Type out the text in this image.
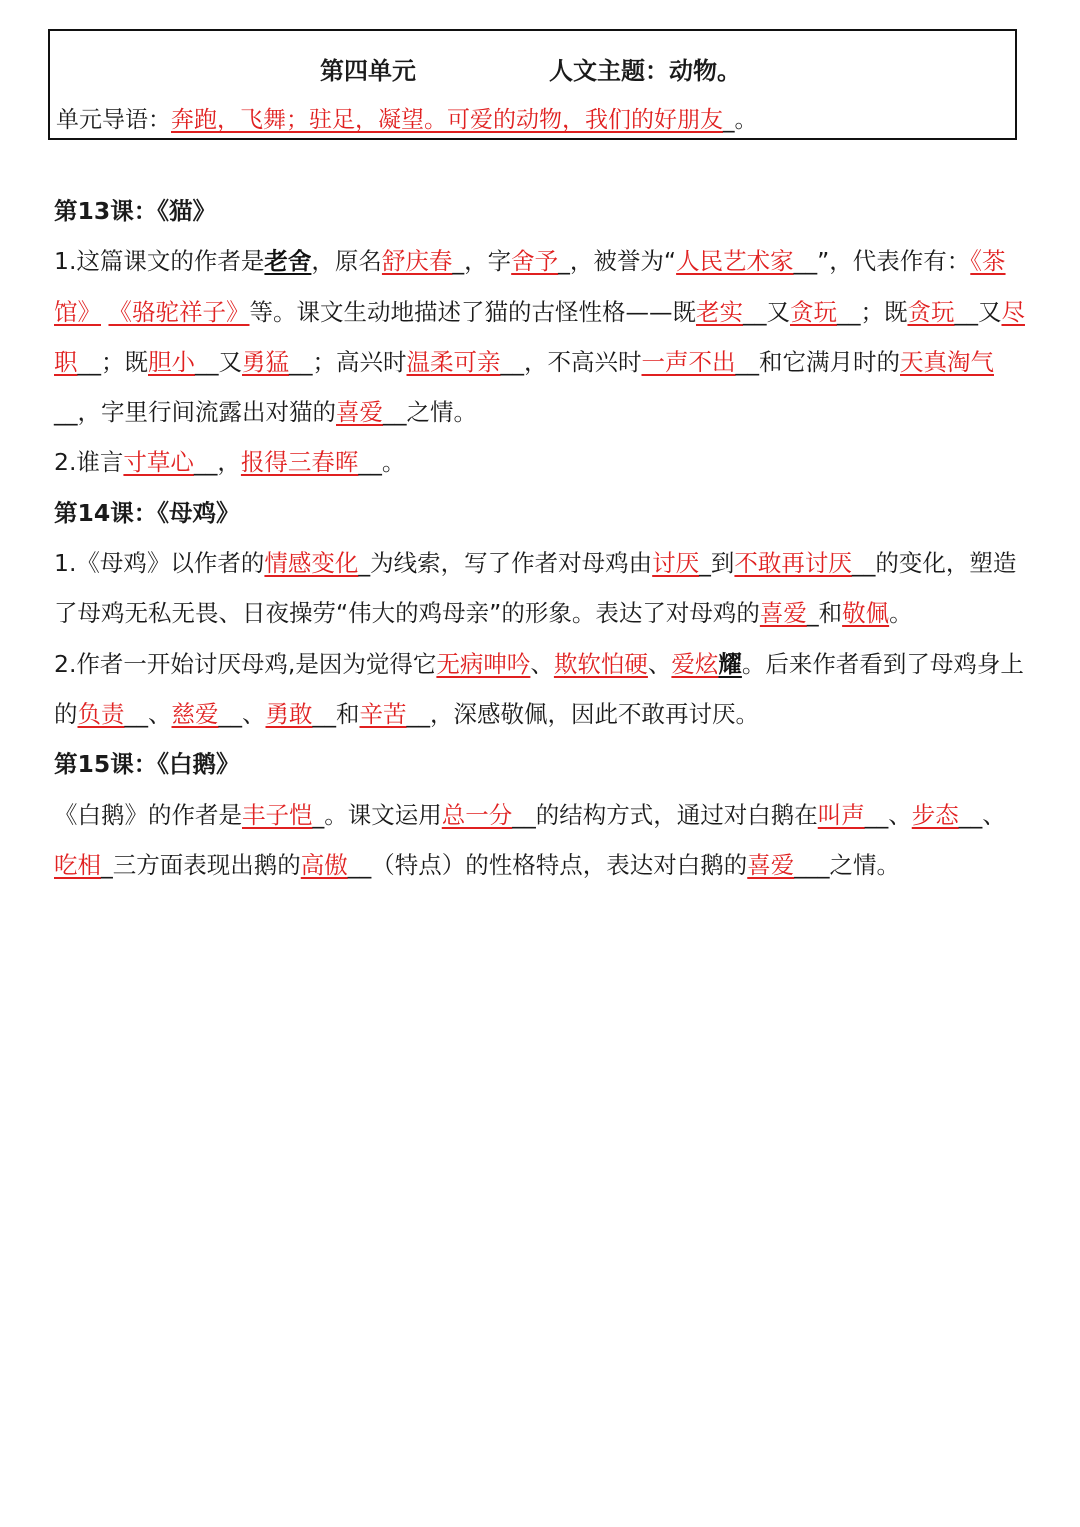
第四单元	人文主题：动物。
单元导语：奔跑，飞舞；驻足，凝望。可爱的动物，我们的好朋友_。

第13课：《猫》

1.这篇课文的作者是老舍，原名舒庆春_，字舍予_，被誉为“人民艺术家__”，代表作有：《茶馆》 《骆驼祥子》等。课文生动地描述了猫的古怪性格——既老实__又贪玩__；既贪玩__又尽职__；既胆小__又勇猛__；高兴时温柔可亲__，不高兴时一声不出__和它满月时的天真淘气__，字里行间流露出对猫的喜爱__之情。

2.谁言寸草心__，报得三春晖__。

第14课：《母鸡》

1.《母鸡》以作者的情感变化_为线索，写了作者对母鸡由讨厌_到不敢再讨厌__的变化，塑造了母鸡无私无畏、日夜操劳“伟大的鸡母亲”的形象。表达了对母鸡的喜爱_和敬佩。

2.作者一开始讨厌母鸡,是因为觉得它无病呻吟、欺软怕硬、爱炫耀。后来作者看到了母鸡身上的负责__、慈爱__、勇敢__和辛苦__，深感敬佩，因此不敢再讨厌。

第15课：《白鹅》

《白鹅》的作者是丰子恺_。课文运用总一分__的结构方式，通过对白鹅在叫声__、步态__、吃相_三方面表现出鹅的高傲__（特点）的性格特点，表达对白鹅的喜爱___之情。
